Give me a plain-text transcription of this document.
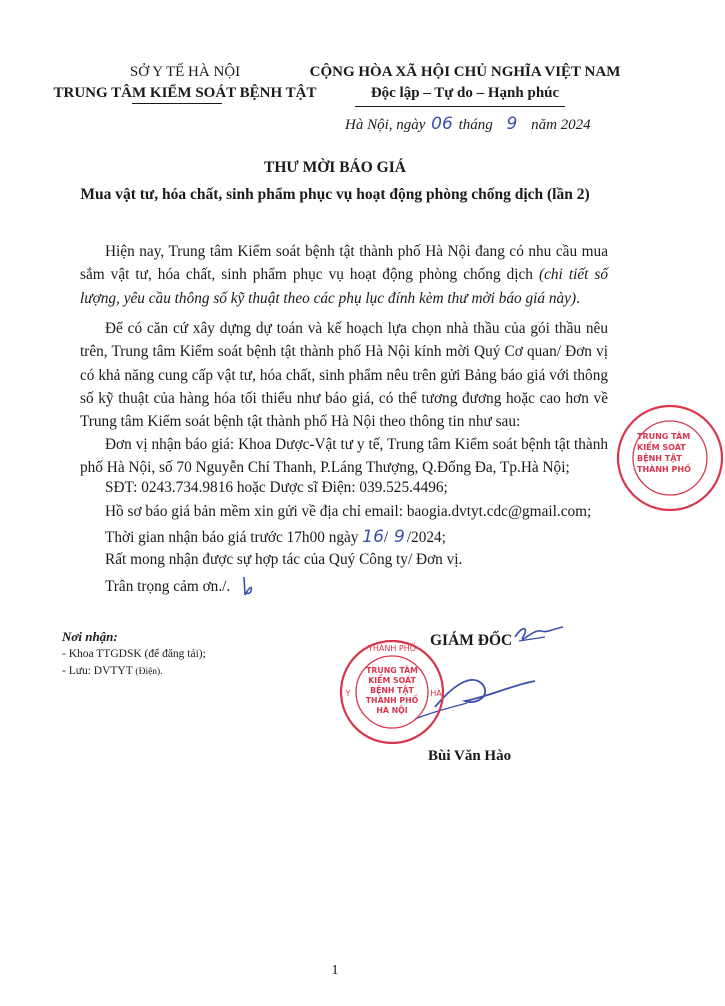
SỞ Y TẾ HÀ NỘI
TRUNG TÂM KIỂM SOÁT BỆNH TẬT
CỘNG HÒA XÃ HỘI CHỦ NGHĨA VIỆT NAM
Độc lập – Tự do – Hạnh phúc
Hà Nội, ngày 06 tháng 9 năm 2024
THƯ MỜI BÁO GIÁ
Mua vật tư, hóa chất, sinh phẩm phục vụ hoạt động phòng chống dịch (lần 2)
Hiện nay, Trung tâm Kiểm soát bệnh tật thành phố Hà Nội đang có nhu cầu mua sắm vật tư, hóa chất, sinh phẩm phục vụ hoạt động phòng chống dịch (chi tiết số lượng, yêu cầu thông số kỹ thuật theo các phụ lục đính kèm thư mời báo giá này).
Để có căn cứ xây dựng dự toán và kế hoạch lựa chọn nhà thầu của gói thầu nêu trên, Trung tâm Kiểm soát bệnh tật thành phố Hà Nội kính mời Quý Cơ quan/ Đơn vị có khả năng cung cấp vật tư, hóa chất, sinh phẩm nêu trên gửi Bảng báo giá với thông số kỹ thuật của hàng hóa tối thiểu như báo giá, có thể tương đương hoặc cao hơn về Trung tâm Kiểm soát bệnh tật thành phố Hà Nội theo thông tin như sau:
Đơn vị nhận báo giá: Khoa Dược-Vật tư y tế, Trung tâm Kiểm soát bệnh tật thành phố Hà Nội, số 70 Nguyễn Chí Thanh, P.Láng Thượng, Q.Đống Đa, Tp.Hà Nội;
SĐT: 0243.734.9816 hoặc Dược sĩ Điện: 039.525.4496;
Hồ sơ báo giá bản mềm xin gửi về địa chỉ email: baogia.dvtyt.cdc@gmail.com;
Thời gian nhận báo giá trước 17h00 ngày 16/ 9 /2024;
Rất mong nhận được sự hợp tác của Quý Công ty/ Đơn vị.
Trân trọng cảm ơn./.
Nơi nhận:
- Khoa TTGDSK (để đăng tải);
- Lưu: DVTYT (Điện).
GIÁM ĐỐC
THÀNH PHỐ
Y	HÀ
TRUNG TÂM
KIỂM SOÁT
BỆNH TẬT
THÀNH PHỐ
HÀ NỘI
Bùi Văn Hào
TRUNG TÂM
KIỂM SOÁT
BỆNH TẬT
THÀNH PHỐ
1
